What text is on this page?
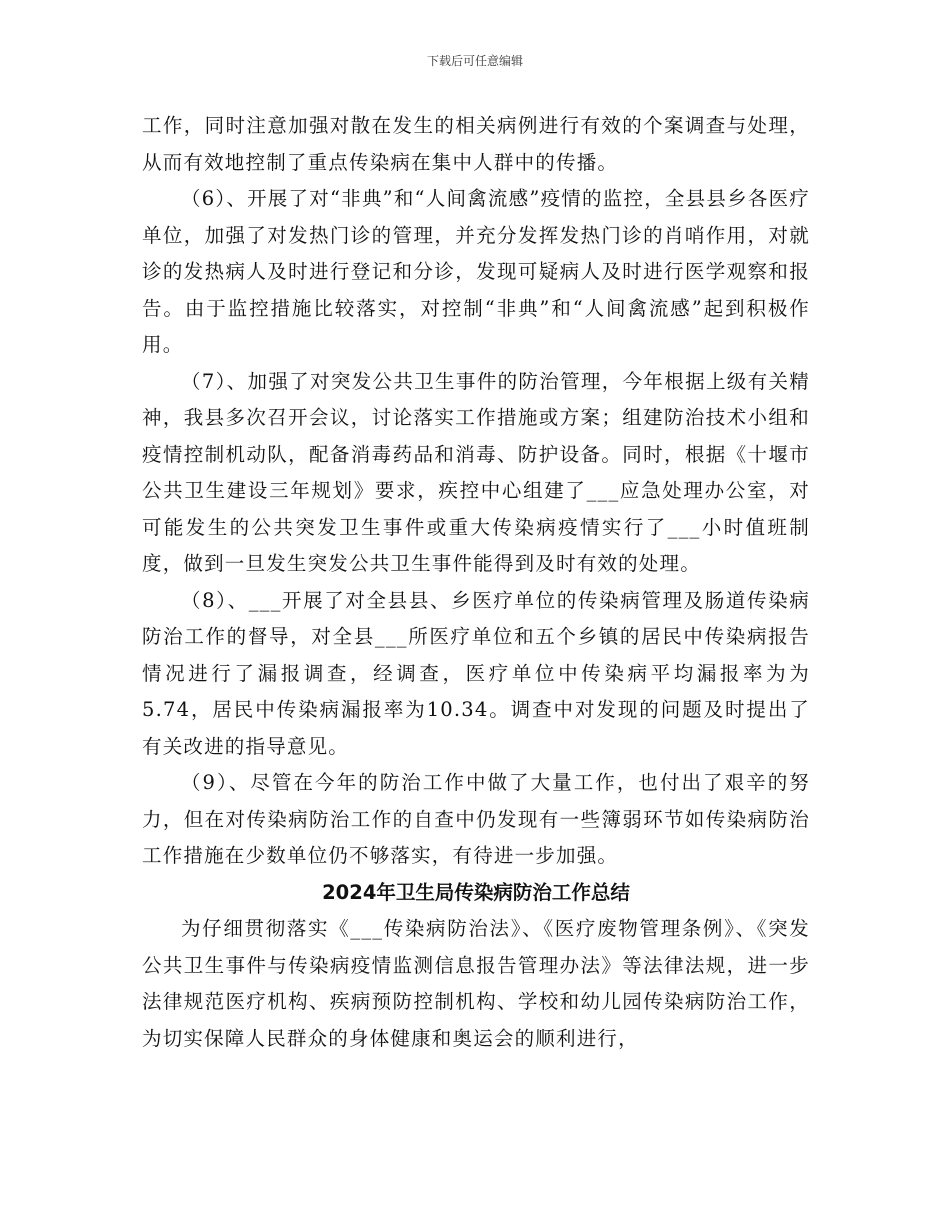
下载后可任意编辑

工作，同时注意加强对散在发生的相关病例进行有效的个案调查与处理，从而有效地控制了重点传染病在集中人群中的传播。

（6）、开展了对“非典”和“人间禽流感”疫情的监控，全县县乡各医疗单位，加强了对发热门诊的管理，并充分发挥发热门诊的肖哨作用，对就诊的发热病人及时进行登记和分诊，发现可疑病人及时进行医学观察和报告。由于监控措施比较落实，对控制“非典”和“人间禽流感”起到积极作用。

（7）、加强了对突发公共卫生事件的防治管理，今年根据上级有关精神，我县多次召开会议，讨论落实工作措施或方案；组建防治技术小组和疫情控制机动队，配备消毒药品和消毒、防护设备。同时，根据《十堰市公共卫生建设三年规划》要求，疾控中心组建了___应急处理办公室，对可能发生的公共突发卫生事件或重大传染病疫情实行了___小时值班制度，做到一旦发生突发公共卫生事件能得到及时有效的处理。

（8）、___开展了对全县县、乡医疗单位的传染病管理及肠道传染病防治工作的督导，对全县___所医疗单位和五个乡镇的居民中传染病报告情况进行了漏报调查，经调查，医疗单位中传染病平均漏报率为为5.74，居民中传染病漏报率为10.34。调查中对发现的问题及时提出了有关改进的指导意见。

（9）、尽管在今年的防治工作中做了大量工作，也付出了艰辛的努力，但在对传染病防治工作的自查中仍发现有一些簿弱环节如传染病防治工作措施在少数单位仍不够落实，有待进一步加强。

2024年卫生局传染病防治工作总结

为仔细贯彻落实《___传染病防治法》、《医疗废物管理条例》、《突发公共卫生事件与传染病疫情监测信息报告管理办法》等法律法规，进一步法律规范医疗机构、疾病预防控制机构、学校和幼儿园传染病防治工作，为切实保障人民群众的身体健康和奥运会的顺利进行，
